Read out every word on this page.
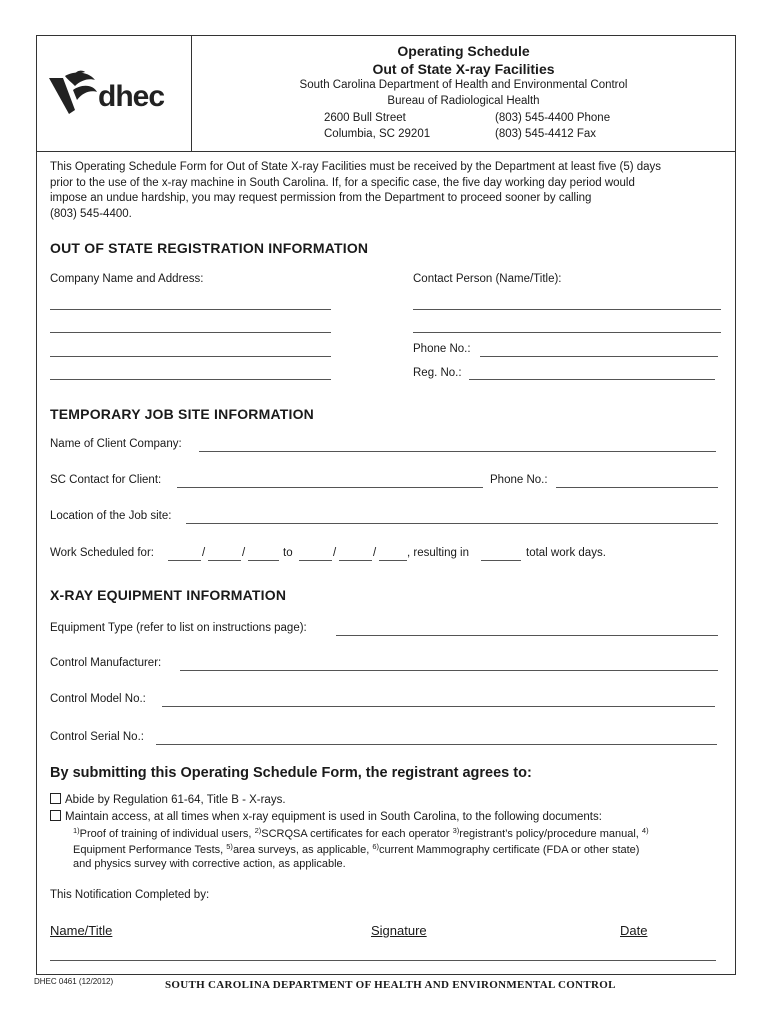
dhec
Operating Schedule
Out of State X-ray Facilities
South Carolina Department of Health and Environmental Control
Bureau of Radiological Health
2600 Bull Street
Columbia, SC 29201
(803) 545-4400 Phone
(803) 545-4412 Fax
This Operating Schedule Form for Out of State X-ray Facilities must be received by the Department at least five (5) days
prior to the use of the x-ray machine in South Carolina. If, for a specific case, the five day working day period would
impose an undue hardship, you may request permission from the Department to proceed sooner by calling
(803) 545-4400.
OUT OF STATE REGISTRATION INFORMATION
Company Name and Address:	Contact Person (Name/Title):
Phone No.:
Reg. No.:
TEMPORARY JOB SITE INFORMATION
Name of Client Company:
SC Contact for Client:	Phone No.:
Location of the Job site:
Work Scheduled for:	/	/	to	/	/	, resulting in	total work days.
X-RAY EQUIPMENT INFORMATION
Equipment Type (refer to list on instructions page):
Control Manufacturer:
Control Model No.:
Control Serial No.:
By submitting this Operating Schedule Form, the registrant agrees to:
Abide by Regulation 61-64, Title B - X-rays.
Maintain access, at all times when x-ray equipment is used in South Carolina, to the following documents:
$^{1)}$Proof of training of individual users, $^{2)}$SCRQSA certificates for each operator $^{3)}$registrant’s policy/procedure manual, $^{4)}$
Equipment Performance Tests, $^{5)}$area surveys, as applicable, $^{6)}$current Mammography certificate (FDA or other state)
and physics survey with corrective action, as applicable.
This Notification Completed by:
Name/Title	Signature	Date
DHEC 0461 (12/2012)	SOUTH CAROLINA DEPARTMENT OF HEALTH AND ENVIRONMENTAL CONTROL
